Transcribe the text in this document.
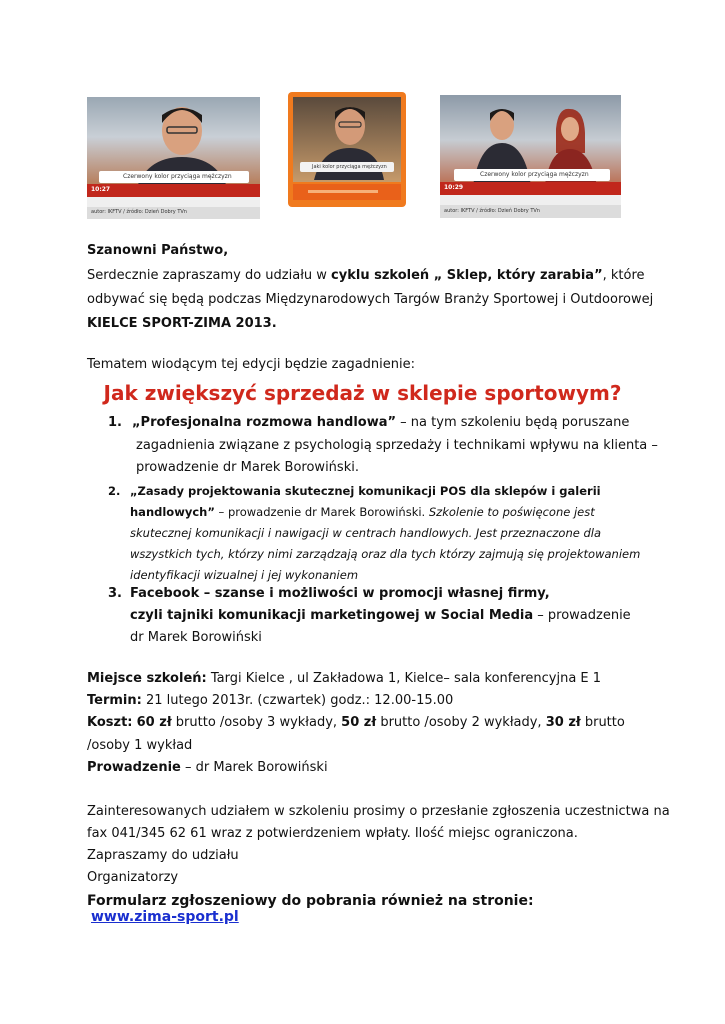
Czerwony kolor przyciąga mężczyzn
10:27
autor: IKFTV / źródło: Dzień Dobry TVn
Jaki kolor przyciąga mężczyzn
Czerwony kolor przyciąga mężczyzn
10:29
autor: IKFTV / źródło: Dzień Dobry TVn
Szanowni Państwo,
Serdecznie zapraszamy do udziału w cyklu szkoleń „ Sklep, który zarabia”, które
odbywać się będą podczas Międzynarodowych Targów Branży Sportowej i Outdoorowej
KIELCE SPORT-ZIMA 2013.
Tematem wiodącym tej edycji będzie zagadnienie:
Jak zwiększyć sprzedaż w sklepie sportowym?
1. „Profesjonalna rozmowa handlowa” – na tym szkoleniu będą poruszane
zagadnienia związane z psychologią sprzedaży i technikami wpływu na klienta –
prowadzenie dr Marek Borowiński.
2. „Zasady projektowania skutecznej komunikacji POS dla sklepów i galerii
handlowych” – prowadzenie dr Marek Borowiński. Szkolenie to poświęcone jest
skutecznej komunikacji i nawigacji w centrach handlowych. Jest przeznaczone dla
wszystkich tych, którzy nimi zarządzają oraz dla tych którzy zajmują się projektowaniem
identyfikacji wizualnej i jej wykonaniem
3. Facebook – szanse i możliwości w promocji własnej firmy,
czyli tajniki komunikacji marketingowej w Social Media – prowadzenie
dr Marek Borowiński
Miejsce szkoleń: Targi Kielce , ul Zakładowa 1, Kielce– sala konferencyjna E 1
Termin: 21 lutego 2013r. (czwartek) godz.: 12.00-15.00
Koszt: 60 zł brutto /osoby 3 wykłady, 50 zł brutto /osoby 2 wykłady, 30 zł brutto
/osoby 1 wykład
Prowadzenie – dr Marek Borowiński
Zainteresowanych udziałem w szkoleniu prosimy o przesłanie zgłoszenia uczestnictwa na
fax 041/345 62 61 wraz z potwierdzeniem wpłaty. Ilość miejsc ograniczona.
Zapraszamy do udziału
Organizatorzy
Formularz zgłoszeniowy do pobrania również na stronie:
www.zima-sport.pl
